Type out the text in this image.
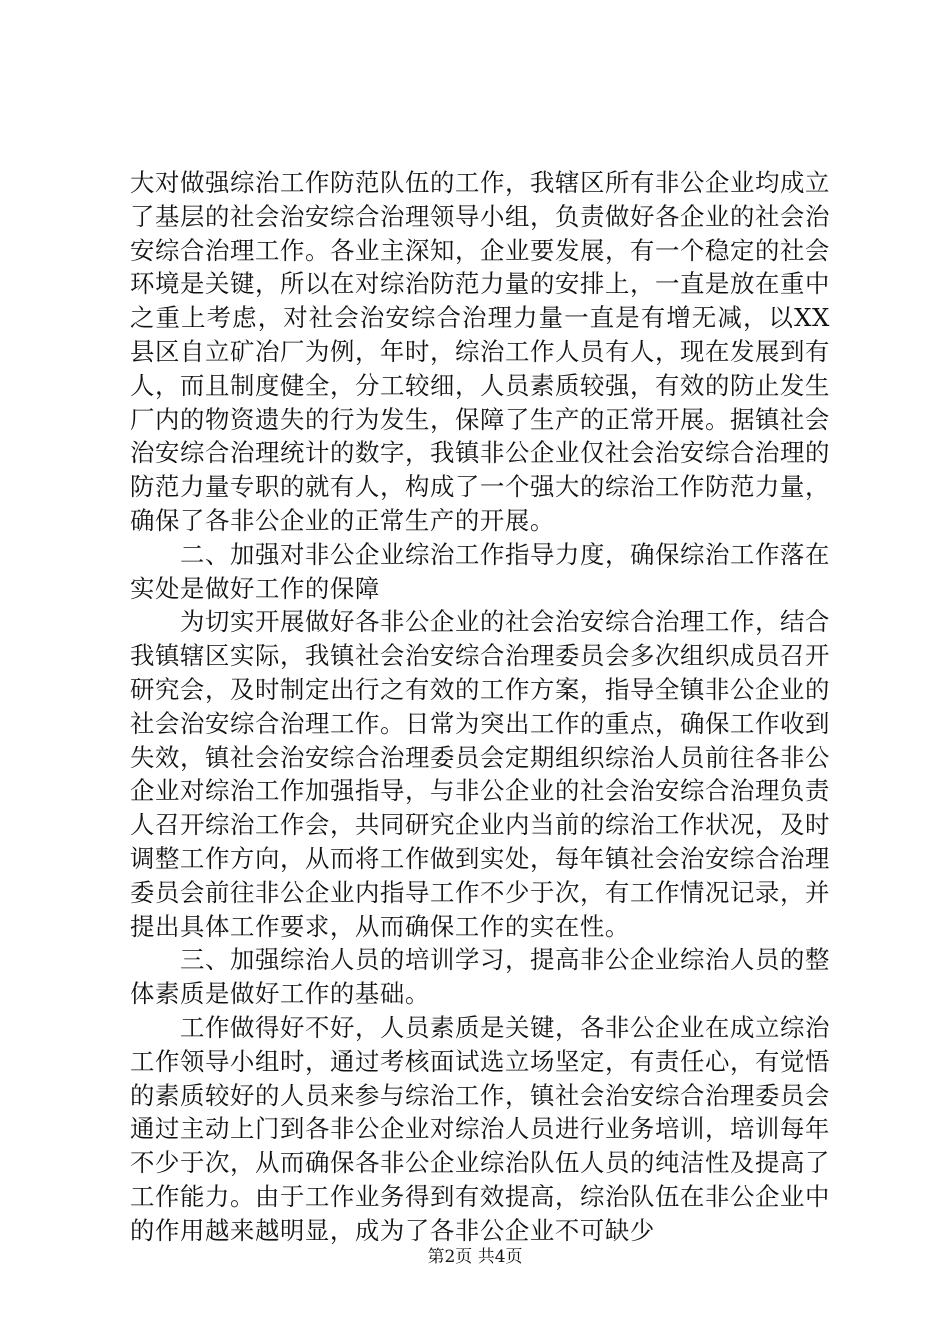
大对做强综治工作防范队伍的工作，我辖区所有非公企业均成立了基层的社会治安综合治理领导小组，负责做好各企业的社会治安综合治理工作。各业主深知，企业要发展，有一个稳定的社会环境是关键，所以在对综治防范力量的安排上，一直是放在重中之重上考虑，对社会治安综合治理力量一直是有增无减，以XX县区自立矿冶厂为例，年时，综治工作人员有人，现在发展到有人，而且制度健全，分工较细，人员素质较强，有效的防止发生厂内的物资遗失的行为发生，保障了生产的正常开展。据镇社会治安综合治理统计的数字，我镇非公企业仅社会治安综合治理的防范力量专职的就有人，构成了一个强大的综治工作防范力量，确保了各非公企业的正常生产的开展。

二、加强对非公企业综治工作指导力度，确保综治工作落在实处是做好工作的保障

为切实开展做好各非公企业的社会治安综合治理工作，结合我镇辖区实际，我镇社会治安综合治理委员会多次组织成员召开研究会，及时制定出行之有效的工作方案，指导全镇非公企业的社会治安综合治理工作。日常为突出工作的重点，确保工作收到失效，镇社会治安综合治理委员会定期组织综治人员前往各非公企业对综治工作加强指导，与非公企业的社会治安综合治理负责人召开综治工作会，共同研究企业内当前的综治工作状况，及时调整工作方向，从而将工作做到实处，每年镇社会治安综合治理委员会前往非公企业内指导工作不少于次，有工作情况记录，并提出具体工作要求，从而确保工作的实在性。

三、加强综治人员的培训学习，提高非公企业综治人员的整体素质是做好工作的基础。

工作做得好不好，人员素质是关键，各非公企业在成立综治工作领导小组时，通过考核面试选立场坚定，有责任心，有觉悟的素质较好的人员来参与综治工作，镇社会治安综合治理委员会通过主动上门到各非公企业对综治人员进行业务培训，培训每年不少于次，从而确保各非公企业综治队伍人员的纯洁性及提高了工作能力。由于工作业务得到有效提高，综治队伍在非公企业中的作用越来越明显，成为了各非公企业不可缺少

第2页 共4页
